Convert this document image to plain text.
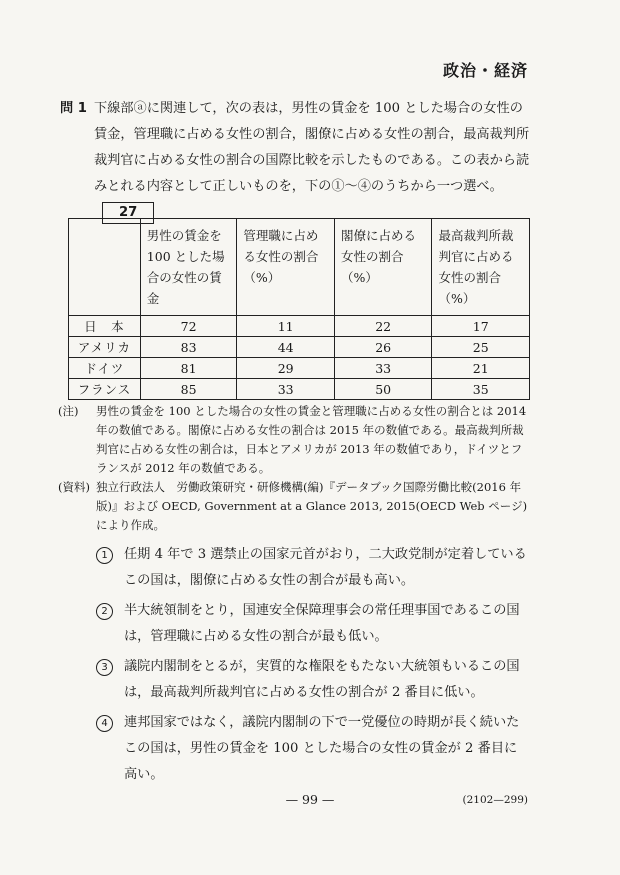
政治・経済
問 1 下線部ⓐに関連して，次の表は，男性の賃金を 100 とした場合の女性の賃金，管理職に占める女性の割合，閣僚に占める女性の割合，最高裁判所裁判官に占める女性の割合の国際比較を示したものである。この表から読みとれる内容として正しいものを，下の①～④のうちから一つ選べ。27
	男性の賃金を 100 とした場合の女性の賃金	管理職に占める女性の割合（%）	閣僚に占める女性の割合（%）	最高裁判所裁判官に占める女性の割合（%）
日　本	72	11	22	17
アメリカ	83	44	26	25
ドイツ	81	29	33	21
フランス	85	33	50	35
(注)	男性の賃金を 100 とした場合の女性の賃金と管理職に占める女性の割合とは 2014 年の数値である。閣僚に占める女性の割合は 2015 年の数値である。最高裁判所裁判官に占める女性の割合は，日本とアメリカが 2013 年の数値であり，ドイツとフランスが 2012 年の数値である。
(資料) 独立行政法人　労働政策研究・研修機構(編)『データブック国際労働比較(2016 年版)』および OECD, Government at a Glance 2013, 2015(OECD Web ページ)により作成。
1	任期 4 年で 3 選禁止の国家元首がおり，二大政党制が定着しているこの国は，閣僚に占める女性の割合が最も高い。
2	半大統領制をとり，国連安全保障理事会の常任理事国であるこの国は，管理職に占める女性の割合が最も低い。
3	議院内閣制をとるが，実質的な権限をもたない大統領もいるこの国は，最高裁判所裁判官に占める女性の割合が 2 番目に低い。
4	連邦国家ではなく，議院内閣制の下で一党優位の時期が長く続いたこの国は，男性の賃金を 100 とした場合の女性の賃金が 2 番目に高い。
— 99 —	(2102—299)
